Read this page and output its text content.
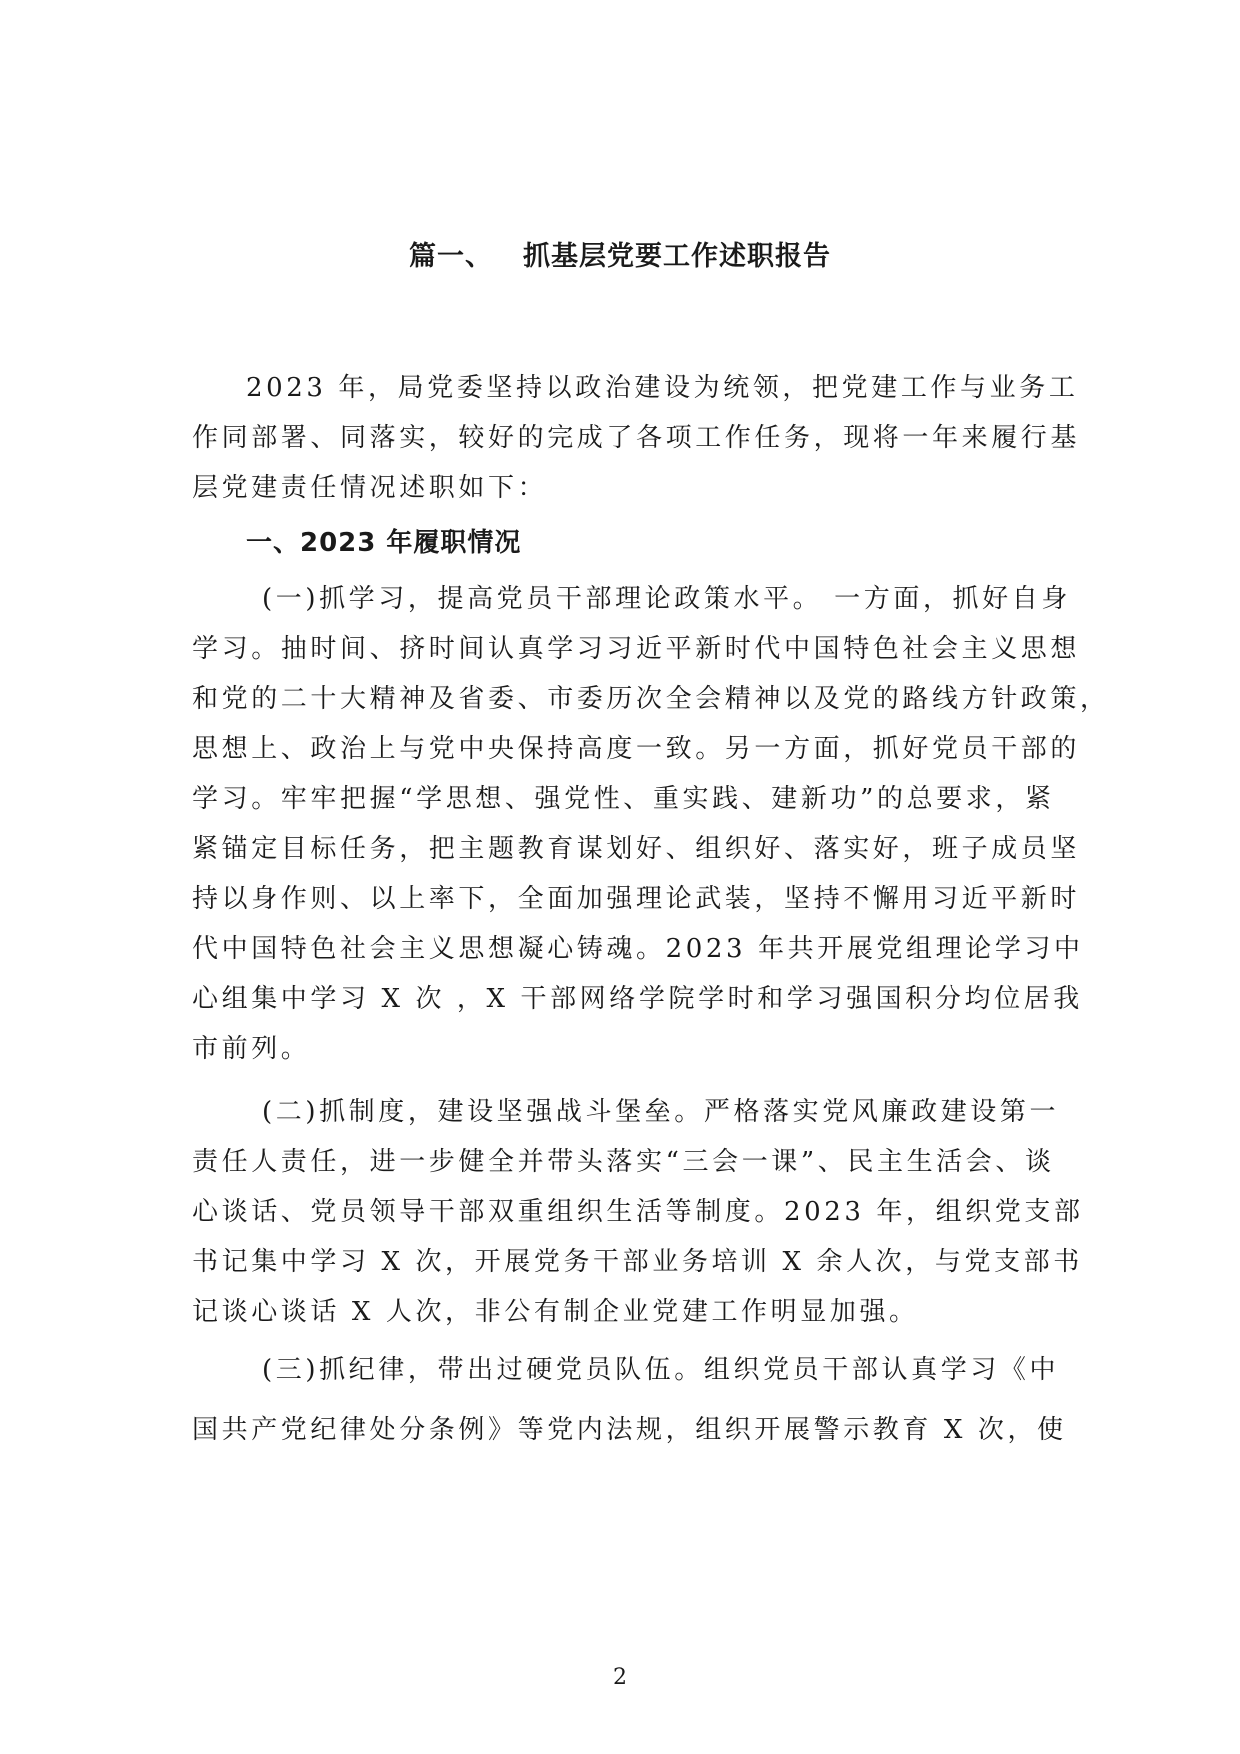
篇一、 抓基层党要工作述职报告
2023 年，局党委坚持以政治建设为统领，把党建工作与业务工
作同部署、同落实，较好的完成了各项工作任务，现将一年来履行基
层党建责任情况述职如下：
一、2023 年履职情况
(一)抓学习，提高党员干部理论政策水平。 一方面，抓好自身
学习。抽时间、挤时间认真学习习近平新时代中国特色社会主义思想
和党的二十大精神及省委、市委历次全会精神以及党的路线方针政策，
思想上、政治上与党中央保持高度一致。另一方面，抓好党员干部的
学习。牢牢把握“学思想、强党性、重实践、建新功”的总要求，紧
紧锚定目标任务，把主题教育谋划好、组织好、落实好，班子成员坚
持以身作则、以上率下，全面加强理论武装，坚持不懈用习近平新时
代中国特色社会主义思想凝心铸魂。2023 年共开展党组理论学习中
心组集中学习 X 次 ，X 干部网络学院学时和学习强国积分均位居我
市前列。
(二)抓制度，建设坚强战斗堡垒。严格落实党风廉政建设第一
责任人责任，进一步健全并带头落实“三会一课”、民主生活会、谈
心谈话、党员领导干部双重组织生活等制度。2023 年，组织党支部
书记集中学习 X 次，开展党务干部业务培训 X 余人次，与党支部书
记谈心谈话 X 人次，非公有制企业党建工作明显加强。
(三)抓纪律，带出过硬党员队伍。组织党员干部认真学习《中
国共产党纪律处分条例》等党内法规，组织开展警示教育 X 次，使
2
